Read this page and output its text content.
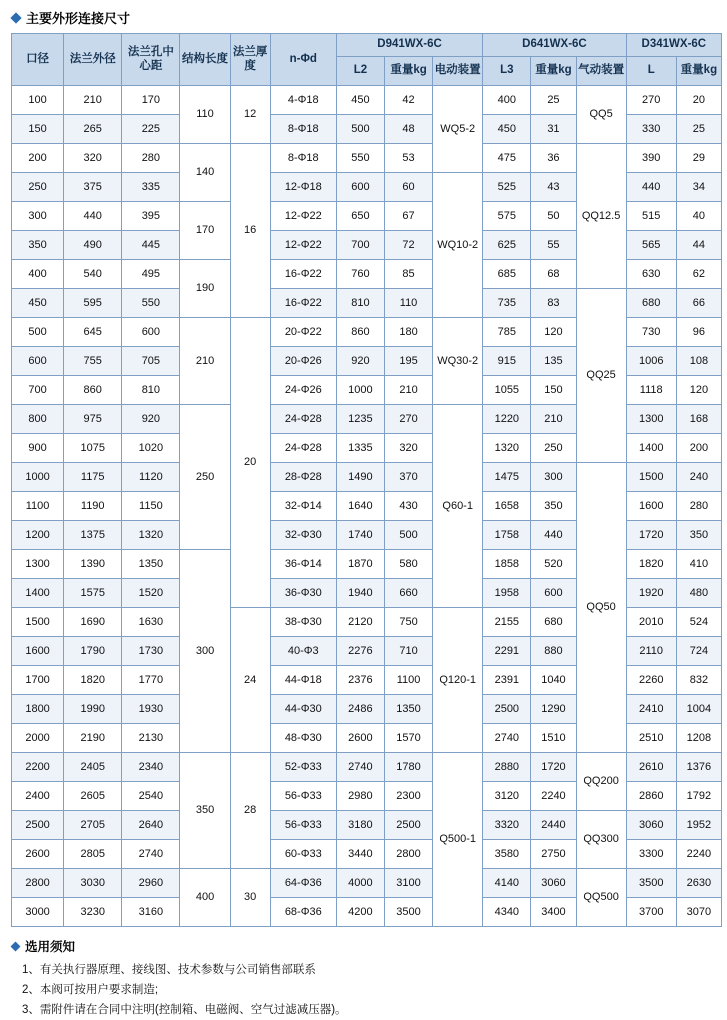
主要外形连接尺寸
口径	法兰外径	法兰孔中心距	结构长度	法兰厚度	n-Φd	D941WX-6C			D641WX-6C			D341WX-6C	
						L2	重量kg	电动装置	L3	重量kg	气动装置	L	重量kg
100	210	170	110	12	4-Φ18	450	42	WQ5-2	400	25	QQ5	270	20
150	265	225			8-Φ18	500	48		450	31		330	25
200	320	280	140	16	8-Φ18	550	53		475	36	QQ12.5	390	29
250	375	335			12-Φ18	600	60	WQ10-2	525	43		440	34
300	440	395	170		12-Φ22	650	67		575	50		515	40
350	490	445			12-Φ22	700	72		625	55		565	44
400	540	495	190		16-Φ22	760	85		685	68		630	62
450	595	550			16-Φ22	810	110		735	83	QQ25	680	66
500	645	600	210	20	20-Φ22	860	180	WQ30-2	785	120		730	96
600	755	705			20-Φ26	920	195		915	135		1006	108
700	860	810			24-Φ26	1000	210		1055	150		1118	120
800	975	920	250		24-Φ28	1235	270	Q60-1	1220	210		1300	168
900	1075	1020			24-Φ28	1335	320		1320	250		1400	200
1000	1175	1120			28-Φ28	1490	370		1475	300	QQ50	1500	240
1100	1190	1150			32-Φ14	1640	430		1658	350		1600	280
1200	1375	1320			32-Φ30	1740	500		1758	440		1720	350
1300	1390	1350	300		36-Φ14	1870	580		1858	520		1820	410
1400	1575	1520			36-Φ30	1940	660		1958	600		1920	480
1500	1690	1630		24	38-Φ30	2120	750	Q120-1	2155	680		2010	524
1600	1790	1730			40-Φ3	2276	710		2291	880		2110	724
1700	1820	1770			44-Φ18	2376	1100		2391	1040		2260	832
1800	1990	1930			44-Φ30	2486	1350		2500	1290		2410	1004
2000	2190	2130			48-Φ30	2600	1570		2740	1510		2510	1208
2200	2405	2340	350	28	52-Φ33	2740	1780	Q500-1	2880	1720	QQ200	2610	1376
2400	2605	2540			56-Φ33	2980	2300		3120	2240		2860	1792
2500	2705	2640			56-Φ33	3180	2500		3320	2440	QQ300	3060	1952
2600	2805	2740			60-Φ33	3440	2800		3580	2750		3300	2240
2800	3030	2960	400	30	64-Φ36	4000	3100		4140	3060	QQ500	3500	2630
3000	3230	3160			68-Φ36	4200	3500		4340	3400		3700	3070
选用须知
1、有关执行器原理、接线图、技术参数与公司销售部联系
2、本阀可按用户要求制造;
3、需附件请在合同中注明(控制箱、电磁阀、空气过滤减压器)。
